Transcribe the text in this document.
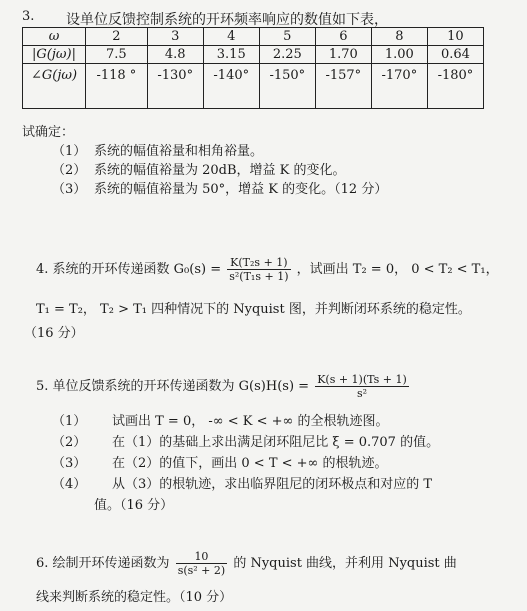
3. 设单位反馈控制系统的开环频率响应的数值如下表，
ω	2	3	4	5	6	8	10
|G(jω)|	7.5	4.8	3.15	2.25	1.70	1.00	0.64
∠G(jω)	-118 °	-130°	-140°	-150°	-157°	-170°	-180°
试确定：
（1） 系统的幅值裕量和相角裕量。
（2） 系统的幅值裕量为 20dB，增益 K 的变化。
（3） 系统的幅值裕量为 50°，增益 K 的变化。（12 分）
4. 系统的开环传递函数 $G_0(s) = \frac{\text{K(T₂s + 1)}}{\text{s²(T₁s + 1)}}$ ，试画出 T₂ = 0， 0 < T₂ < T₁，
T₁ = T₂， T₂ > T₁ 四种情况下的 Nyquist 图，并判断闭环系统的稳定性。
（16 分）
5. 单位反馈系统的开环传递函数为 $G(s)H(s) = \frac{K(s + 1)(Ts + 1)}{\text{s²}}$
（1） 试画出 T = 0， -∞ < K < +∞ 的全根轨迹图。
（2） 在（1）的基础上求出满足闭环阻尼比 ξ = 0.707 的值。
（3） 在（2）的值下，画出 0 < T < +∞ 的根轨迹。
（4） 从（3）的根轨迹，求出临界阻尼的闭环极点和对应的 T
值。（16 分）
6. 绘制开环传递函数为 $\frac{10}{\text{s(s² + 2)}}$ 的 Nyquist 曲线，并利用 Nyquist 曲
线来判断系统的稳定性。（10 分）
